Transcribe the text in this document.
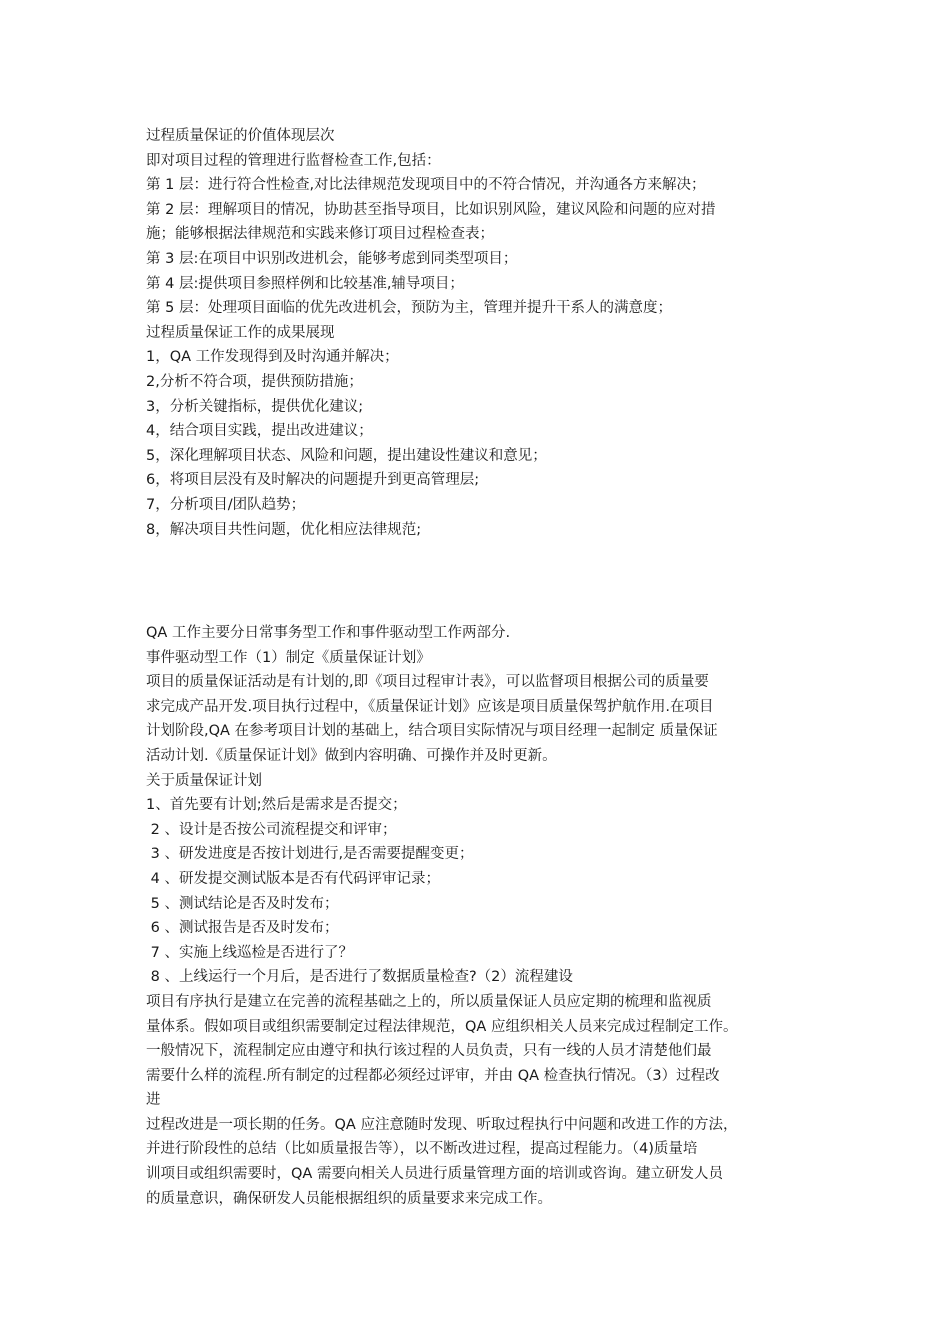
过程质量保证的价值体现层次

即对项目过程的管理进行监督检查工作,包括：

第 1 层：进行符合性检查,对比法律规范发现项目中的不符合情况，并沟通各方来解决；

第 2 层：理解项目的情况，协助甚至指导项目，比如识别风险，建议风险和问题的应对措

施；能够根据法律规范和实践来修订项目过程检查表；

第 3 层:在项目中识别改进机会，能够考虑到同类型项目；

第 4 层:提供项目参照样例和比较基准,辅导项目；

第 5 层：处理项目面临的优先改进机会，预防为主，管理并提升干系人的满意度；

过程质量保证工作的成果展现

1，QA 工作发现得到及时沟通并解决；

2,分析不符合项，提供预防措施；

3，分析关键指标，提供优化建议;

4，结合项目实践，提出改进建议；

5，深化理解项目状态、风险和问题，提出建设性建议和意见；

6，将项目层没有及时解决的问题提升到更高管理层;

7，分析项目/团队趋势；

8，解决项目共性问题，优化相应法律规范;

QA 工作主要分日常事务型工作和事件驱动型工作两部分.

事件驱动型工作（1）制定《质量保证计划》

项目的质量保证活动是有计划的,即《项目过程审计表》，可以监督项目根据公司的质量要

求完成产品开发.项目执行过程中，《质量保证计划》应该是项目质量保驾护航作用.在项目

计划阶段,QA 在参考项目计划的基础上，结合项目实际情况与项目经理一起制定 质量保证

活动计划.《质量保证计划》做到内容明确、可操作并及时更新。

关于质量保证计划

1、首先要有计划;然后是需求是否提交；

2 、设计是否按公司流程提交和评审；

3 、研发进度是否按计划进行,是否需要提醒变更；

4 、研发提交测试版本是否有代码评审记录；

5 、测试结论是否及时发布；

6 、测试报告是否及时发布；

7 、实施上线巡检是否进行了？

8 、上线运行一个月后，是否进行了数据质量检查?（2）流程建设

项目有序执行是建立在完善的流程基础之上的，所以质量保证人员应定期的梳理和监视质

量体系。假如项目或组织需要制定过程法律规范，QA 应组织相关人员来完成过程制定工作。

一般情况下，流程制定应由遵守和执行该过程的人员负责，只有一线的人员才清楚他们最

需要什么样的流程.所有制定的过程都必须经过评审，并由 QA 检查执行情况。（3）过程改

进

过程改进是一项长期的任务。QA 应注意随时发现、听取过程执行中问题和改进工作的方法，

并进行阶段性的总结（比如质量报告等），以不断改进过程，提高过程能力。（4)质量培

训项目或组织需要时，QA 需要向相关人员进行质量管理方面的培训或咨询。建立研发人员

的质量意识，确保研发人员能根据组织的质量要求来完成工作。
